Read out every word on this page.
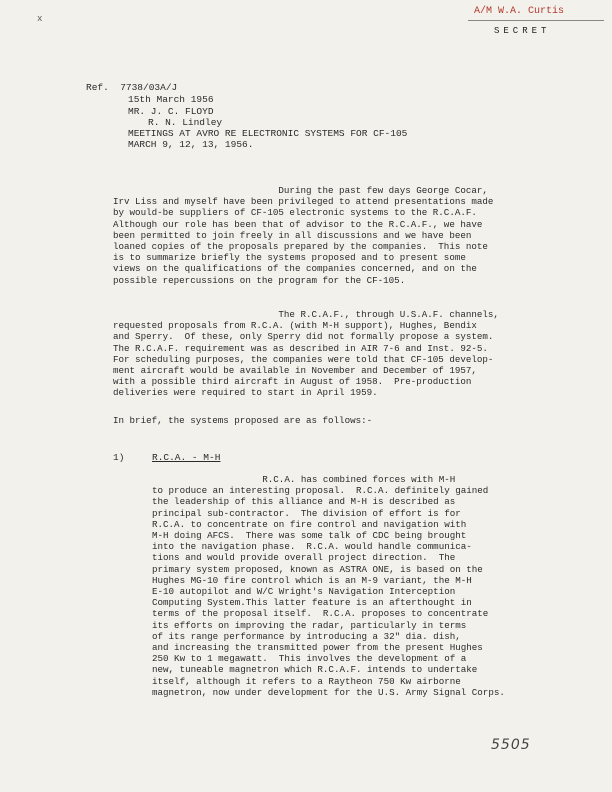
x
A/M W.A. Curtis
SECRET
Ref.  7738/03A/J
15th March 1956
MR. J. C. FLOYD
R. N. Lindley
MEETINGS AT AVRO RE ELECTRONIC SYSTEMS FOR CF-105
MARCH 9, 12, 13, 1956.
During the past few days George Cocar,
Irv Liss and myself have been privileged to attend presentations made
by would-be suppliers of CF-105 electronic systems to the R.C.A.F.
Although our role has been that of advisor to the R.C.A.F., we have
been permitted to join freely in all discussions and we have been
loaned copies of the proposals prepared by the companies.  This note
is to summarize briefly the systems proposed and to present some
views on the qualifications of the companies concerned, and on the
possible repercussions on the program for the CF-105.
The R.C.A.F., through U.S.A.F. channels,
requested proposals from R.C.A. (with M-H support), Hughes, Bendix
and Sperry.  Of these, only Sperry did not formally propose a system.
The R.C.A.F. requirement was as described in AIR 7-6 and Inst. 92-5.
For scheduling purposes, the companies were told that CF-105 develop-
ment aircraft would be available in November and December of 1957,
with a possible third aircraft in August of 1958.  Pre-production
deliveries were required to start in April 1959.
In brief, the systems proposed are as follows:-
1)	R.C.A. - M-H
R.C.A. has combined forces with M-H
to produce an interesting proposal.  R.C.A. definitely gained
the leadership of this alliance and M-H is described as
principal sub-contractor.  The division of effort is for
R.C.A. to concentrate on fire control and navigation with
M-H doing AFCS.  There was some talk of CDC being brought
into the navigation phase.  R.C.A. would handle communica-
tions and would provide overall project direction.  The
primary system proposed, known as ASTRA ONE, is based on the
Hughes MG-10 fire control which is an M-9 variant, the M-H
E-10 autopilot and W/C Wright's Navigation Interception
Computing System.This latter feature is an afterthought in
terms of the proposal itself.  R.C.A. proposes to concentrate
its efforts on improving the radar, particularly in terms
of its range performance by introducing a 32" dia. dish,
and increasing the transmitted power from the present Hughes
250 Kw to 1 megawatt.  This involves the development of a
new, tuneable magnetron which R.C.A.F. intends to undertake
itself, although it refers to a Raytheon 750 Kw airborne
magnetron, now under development for the U.S. Army Signal Corps.
5505
